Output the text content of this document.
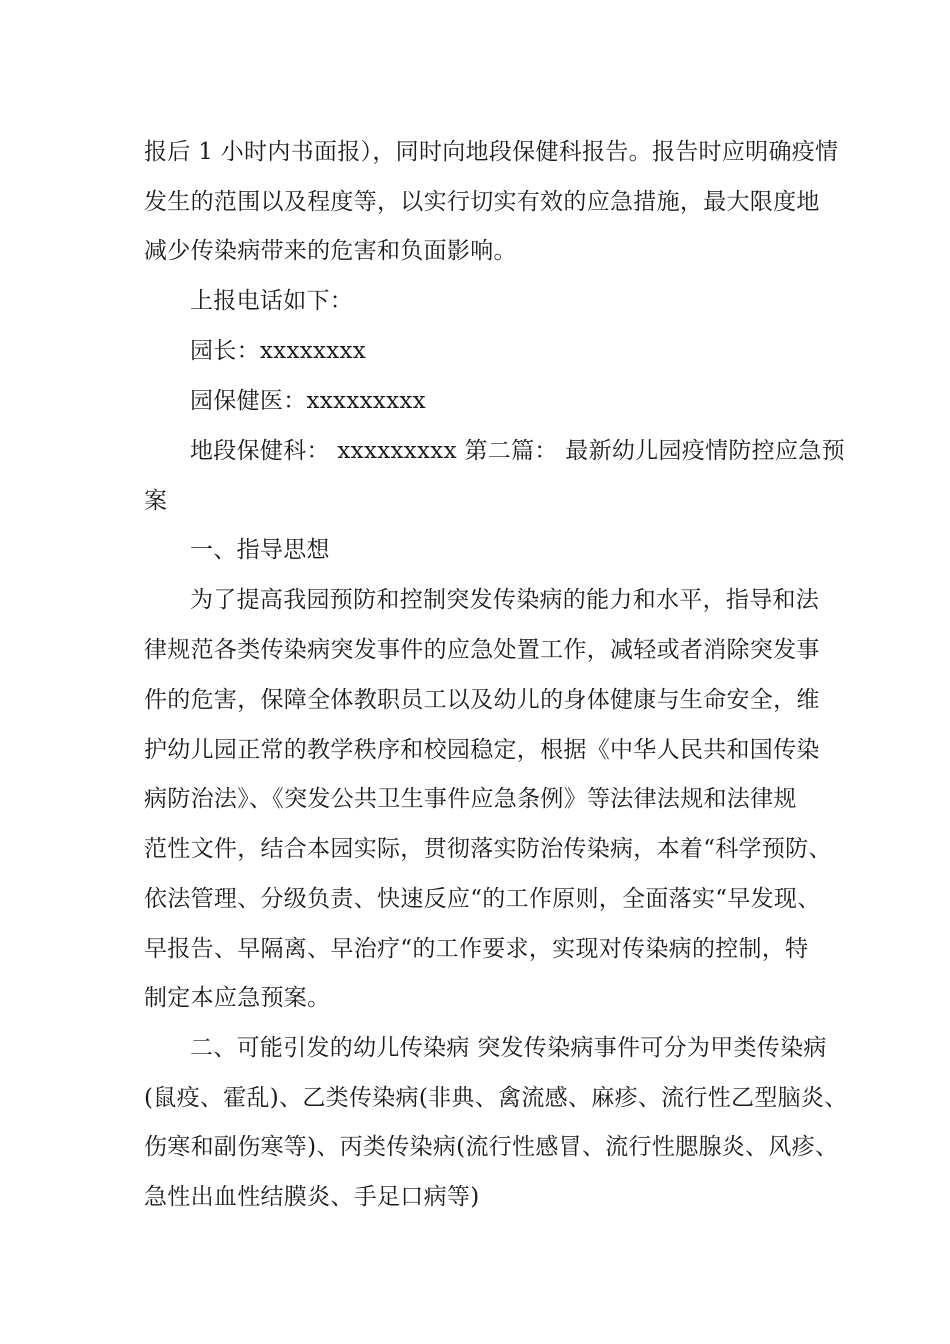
报后 1 小时内书面报），同时向地段保健科报告。报告时应明确疫情
发生的范围以及程度等，以实行切实有效的应急措施，最大限度地
减少传染病带来的危害和负面影响。
上报电话如下：
园长：xxxxxxxx
园保健医：xxxxxxxxx
地段保健科： xxxxxxxxx 第二篇： 最新幼儿园疫情防控应急预
案
一、指导思想
为了提高我园预防和控制突发传染病的能力和水平，指导和法
律规范各类传染病突发事件的应急处置工作，减轻或者消除突发事
件的危害，保障全体教职员工以及幼儿的身体健康与生命安全，维
护幼儿园正常的教学秩序和校园稳定，根据《中华人民共和国传染
病防治法》、《突发公共卫生事件应急条例》等法律法规和法律规
范性文件，结合本园实际，贯彻落实防治传染病，本着“科学预防、
依法管理、分级负责、快速反应“的工作原则，全面落实“早发现、
早报告、早隔离、早治疗“的工作要求，实现对传染病的控制，特
制定本应急预案。
二、可能引发的幼儿传染病 突发传染病事件可分为甲类传染病
(鼠疫、霍乱)、乙类传染病(非典、禽流感、麻疹、流行性乙型脑炎、
伤寒和副伤寒等)、丙类传染病(流行性感冒、流行性腮腺炎、风疹、
急性出血性结膜炎、手足口病等)
